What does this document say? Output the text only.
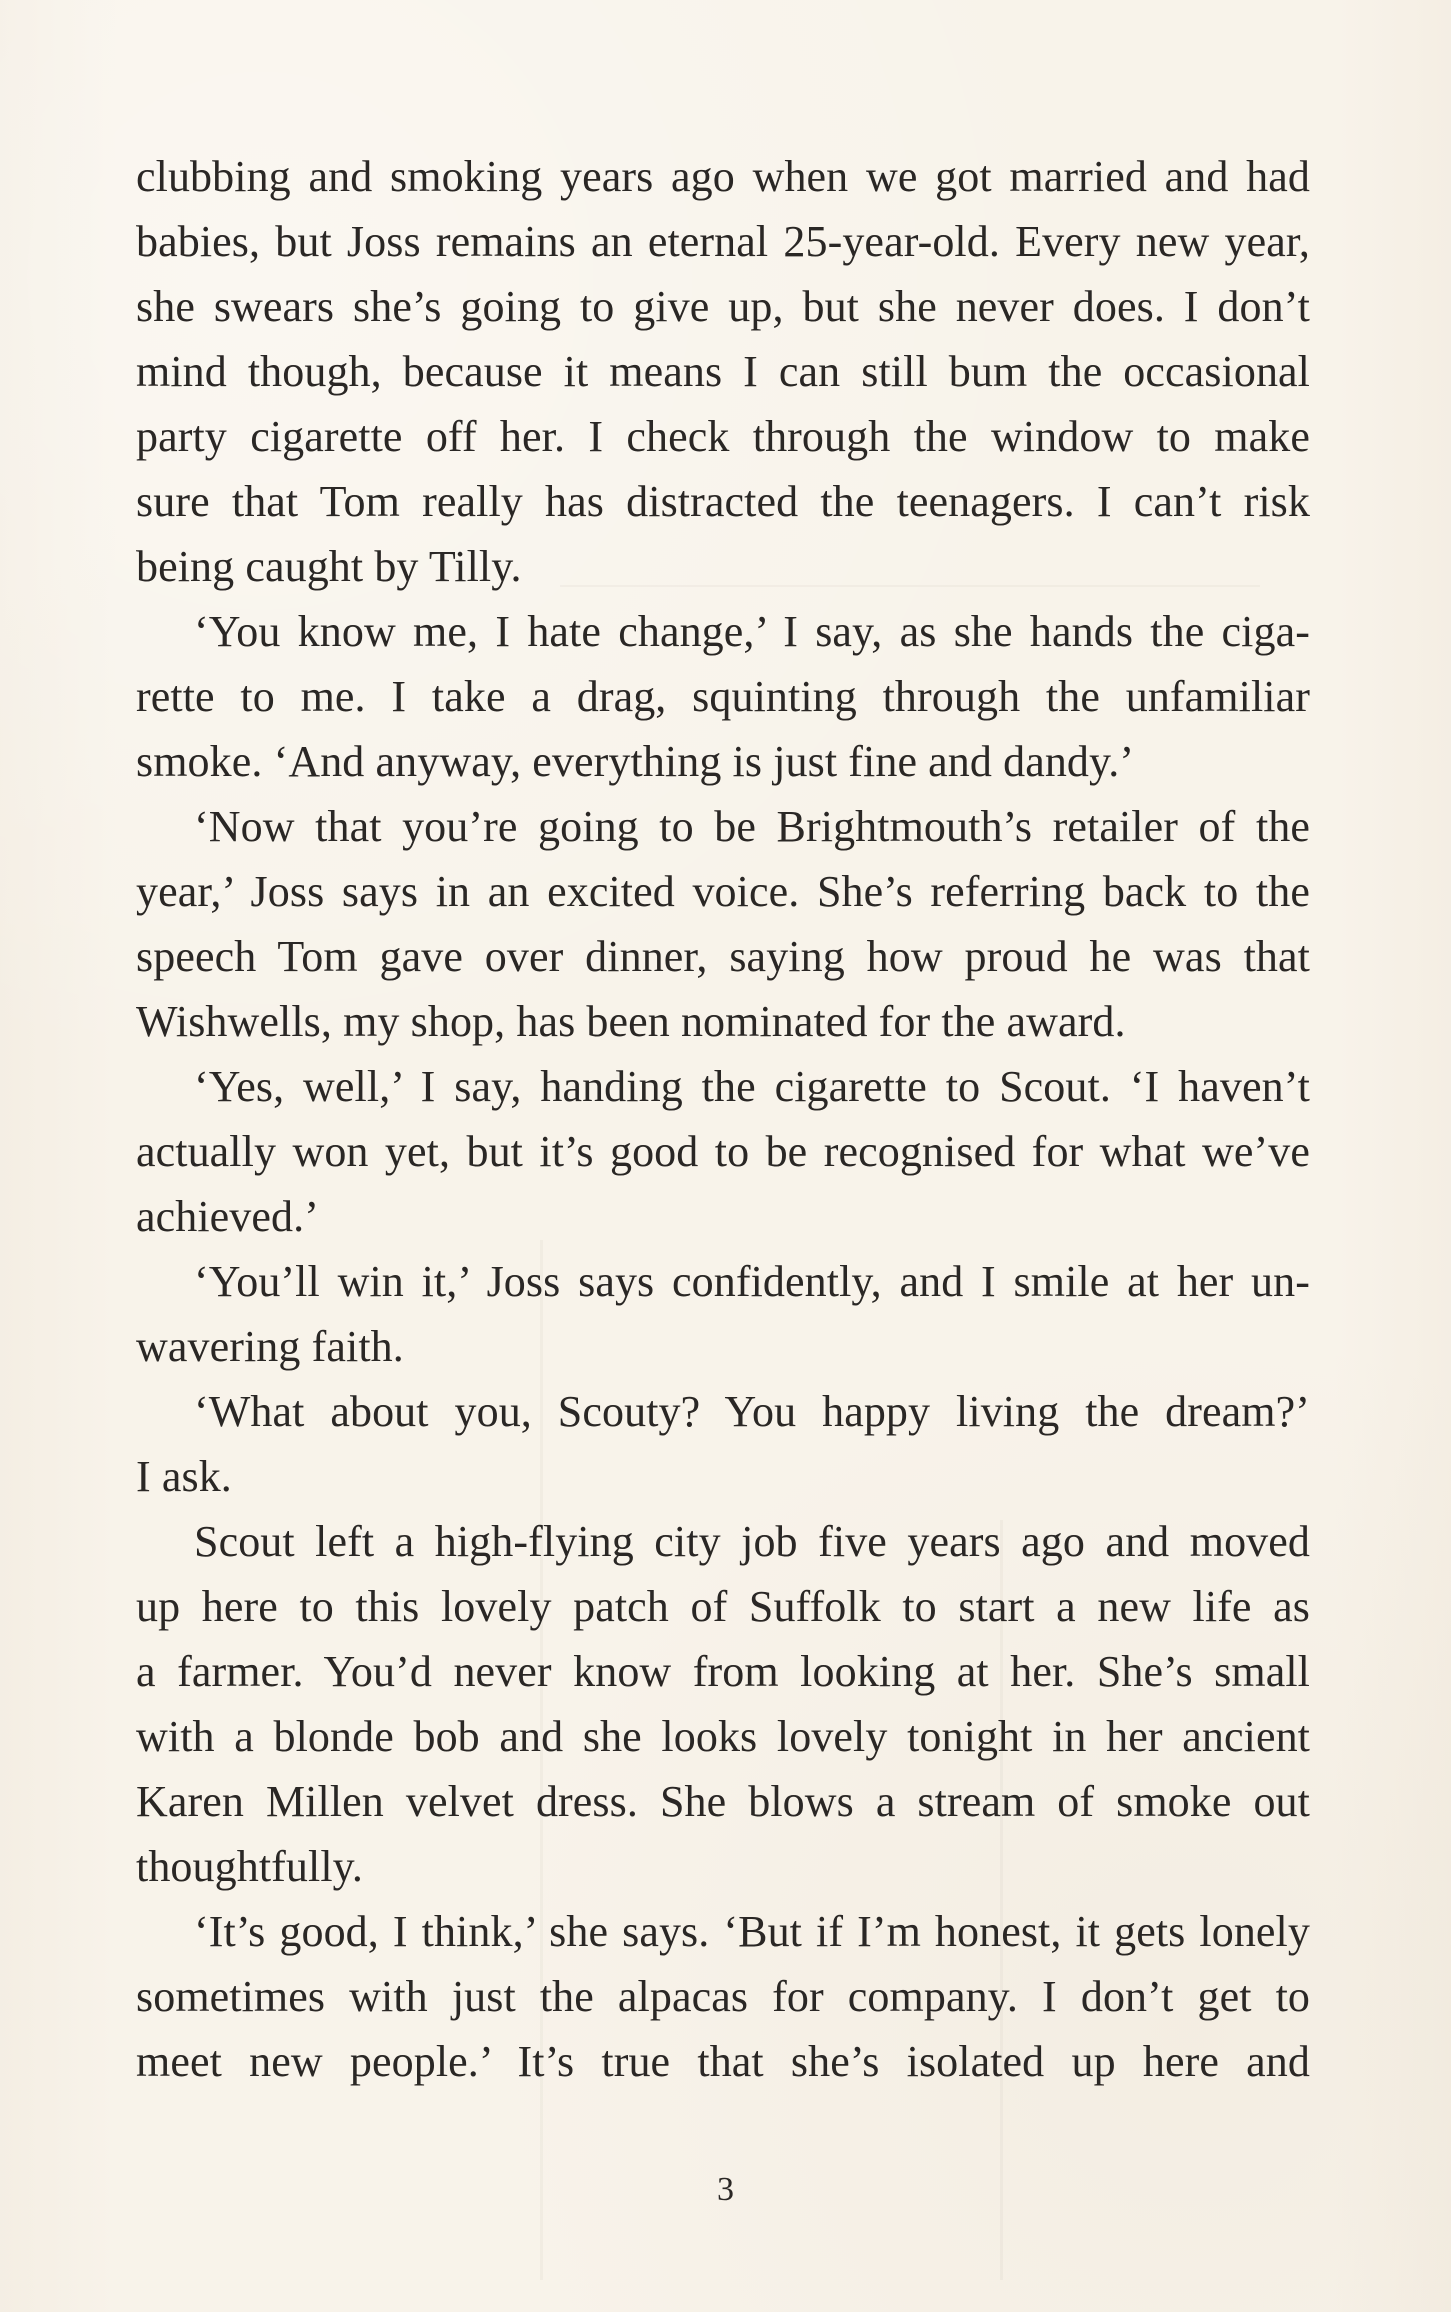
clubbing and smoking years ago when we got married and had
babies, but Joss remains an eternal 25-year-old. Every new year,
she swears she’s going to give up, but she never does. I don’t
mind though, because it means I can still bum the occasional
party cigarette off her. I check through the window to make
sure that Tom really has distracted the teenagers. I can’t risk
being caught by Tilly.
‘You know me, I hate change,’ I say, as she hands the ciga-
rette to me. I take a drag, squinting through the unfamiliar
smoke. ‘And anyway, everything is just fine and dandy.’
‘Now that you’re going to be Brightmouth’s retailer of the
year,’ Joss says in an excited voice. She’s referring back to the
speech Tom gave over dinner, saying how proud he was that
Wishwells, my shop, has been nominated for the award.
‘Yes, well,’ I say, handing the cigarette to Scout. ‘I haven’t
actually won yet, but it’s good to be recognised for what we’ve
achieved.’
‘You’ll win it,’ Joss says confidently, and I smile at her un-
wavering faith.
‘What about you, Scouty? You happy living the dream?’
I ask.
Scout left a high-flying city job five years ago and moved
up here to this lovely patch of Suffolk to start a new life as
a farmer. You’d never know from looking at her. She’s small
with a blonde bob and she looks lovely tonight in her ancient
Karen Millen velvet dress. She blows a stream of smoke out
thoughtfully.
‘It’s good, I think,’ she says. ‘But if I’m honest, it gets lonely
sometimes with just the alpacas for company. I don’t get to
meet new people.’ It’s true that she’s isolated up here and
3
